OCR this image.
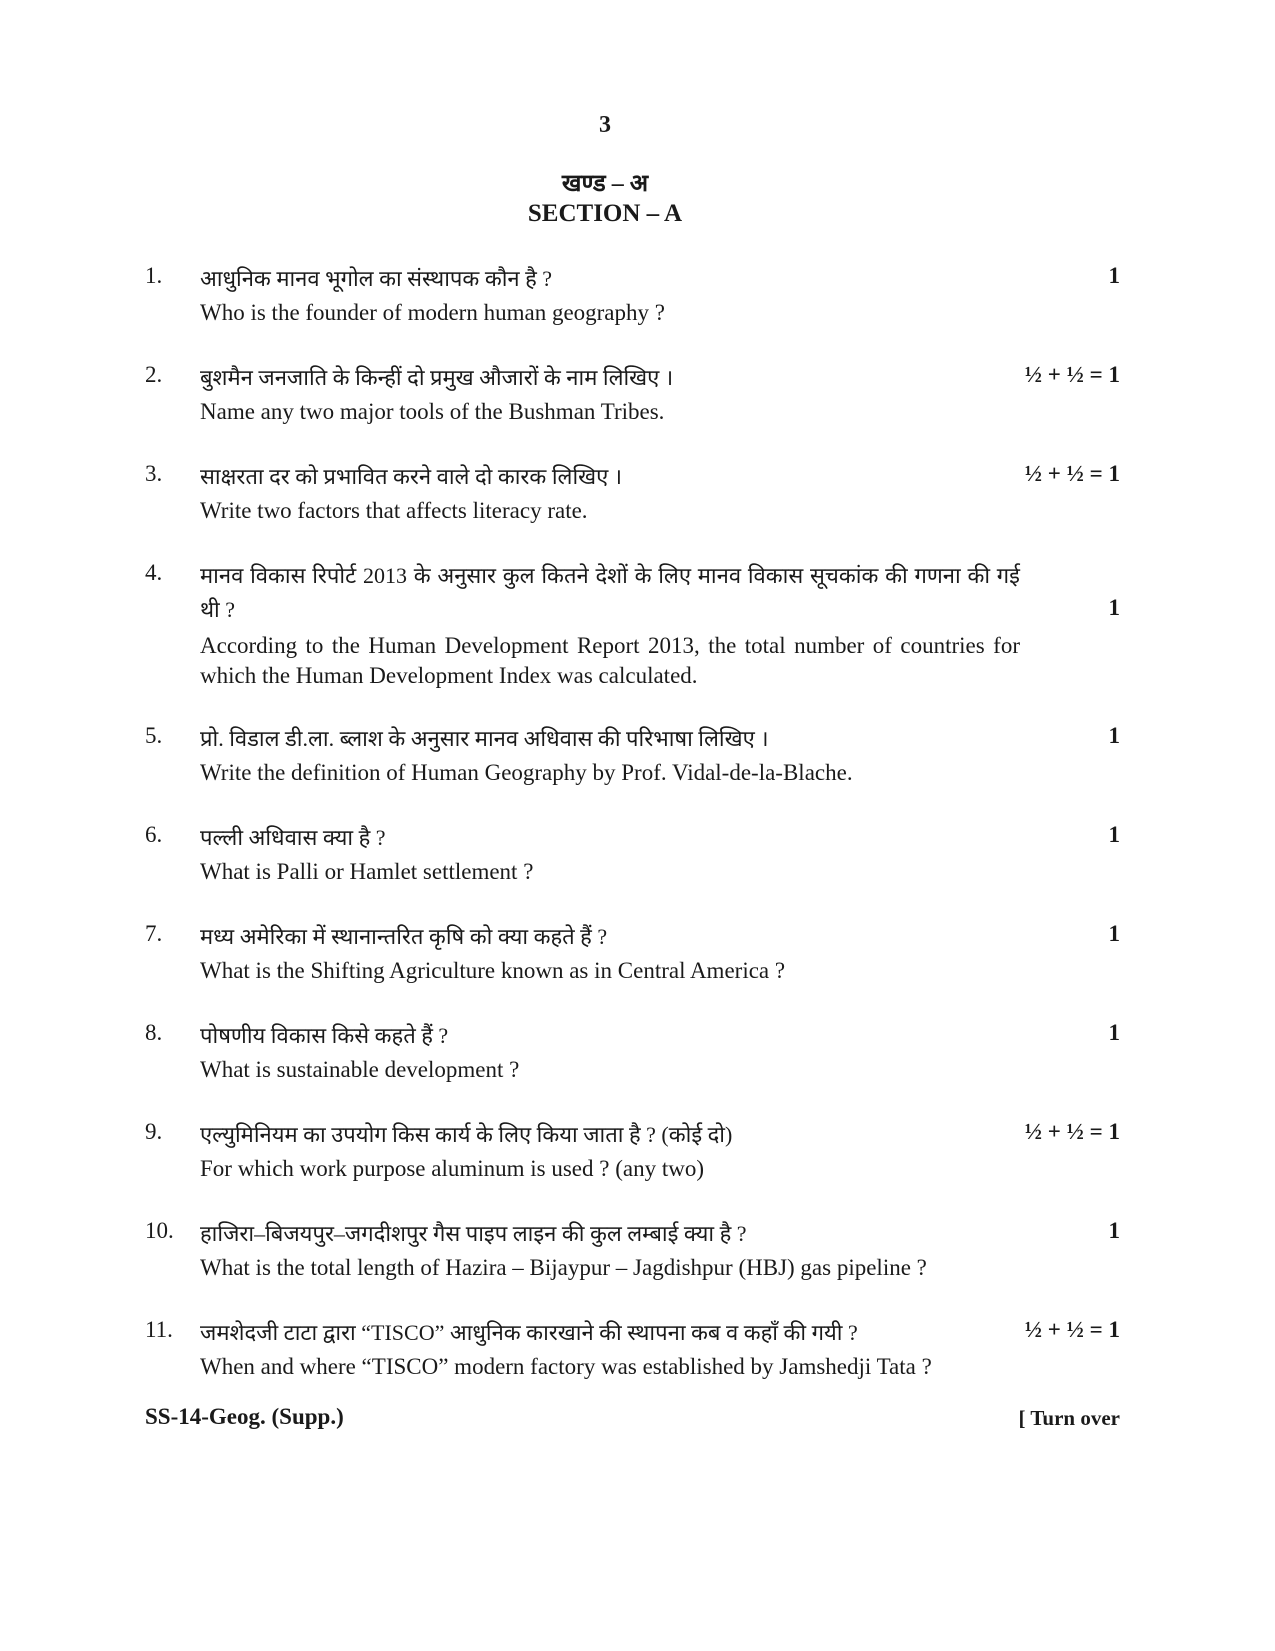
3
खण्ड – अ
SECTION – A
1. आधुनिक मानव भूगोल का संस्थापक कौन है ?
Who is the founder of modern human geography ?
1
2. बुशमैन जनजाति के किन्हीं दो प्रमुख औजारों के नाम लिखिए ।
Name any two major tools of the Bushman Tribes.
½ + ½ = 1
3. साक्षरता दर को प्रभावित करने वाले दो कारक लिखिए ।
Write two factors that affects literacy rate.
½ + ½ = 1
4. मानव विकास रिपोर्ट 2013 के अनुसार कुल कितने देशों के लिए मानव विकास सूचकांक की गणना की गई थी ?
According to the Human Development Report 2013, the total number of countries for which the Human Development Index was calculated.
1
5. प्रो. विडाल डी.ला. ब्लाश के अनुसार मानव अधिवास की परिभाषा लिखिए ।
Write the definition of Human Geography by Prof. Vidal-de-la-Blache.
1
6. पल्ली अधिवास क्या है ?
What is Palli or Hamlet settlement ?
1
7. मध्य अमेरिका में स्थानान्तरित कृषि को क्या कहते हैं ?
What is the Shifting Agriculture known as in Central America ?
1
8. पोषणीय विकास किसे कहते हैं ?
What is sustainable development ?
1
9. एल्युमिनियम का उपयोग किस कार्य के लिए किया जाता है ? (कोई दो)
For which work purpose aluminum is used ? (any two)
½ + ½ = 1
10. हाजिरा–बिजयपुर–जगदीशपुर गैस पाइप लाइन की कुल लम्बाई क्या है ?
What is the total length of Hazira – Bijaypur – Jagdishpur (HBJ) gas pipeline ?
1
11. जमशेदजी टाटा द्वारा “TISCO” आधुनिक कारखाने की स्थापना कब व कहाँ की गयी ?
When and where “TISCO” modern factory was established by Jamshedji Tata ?
½ + ½ = 1
SS-14-Geog. (Supp.)	[ Turn over
